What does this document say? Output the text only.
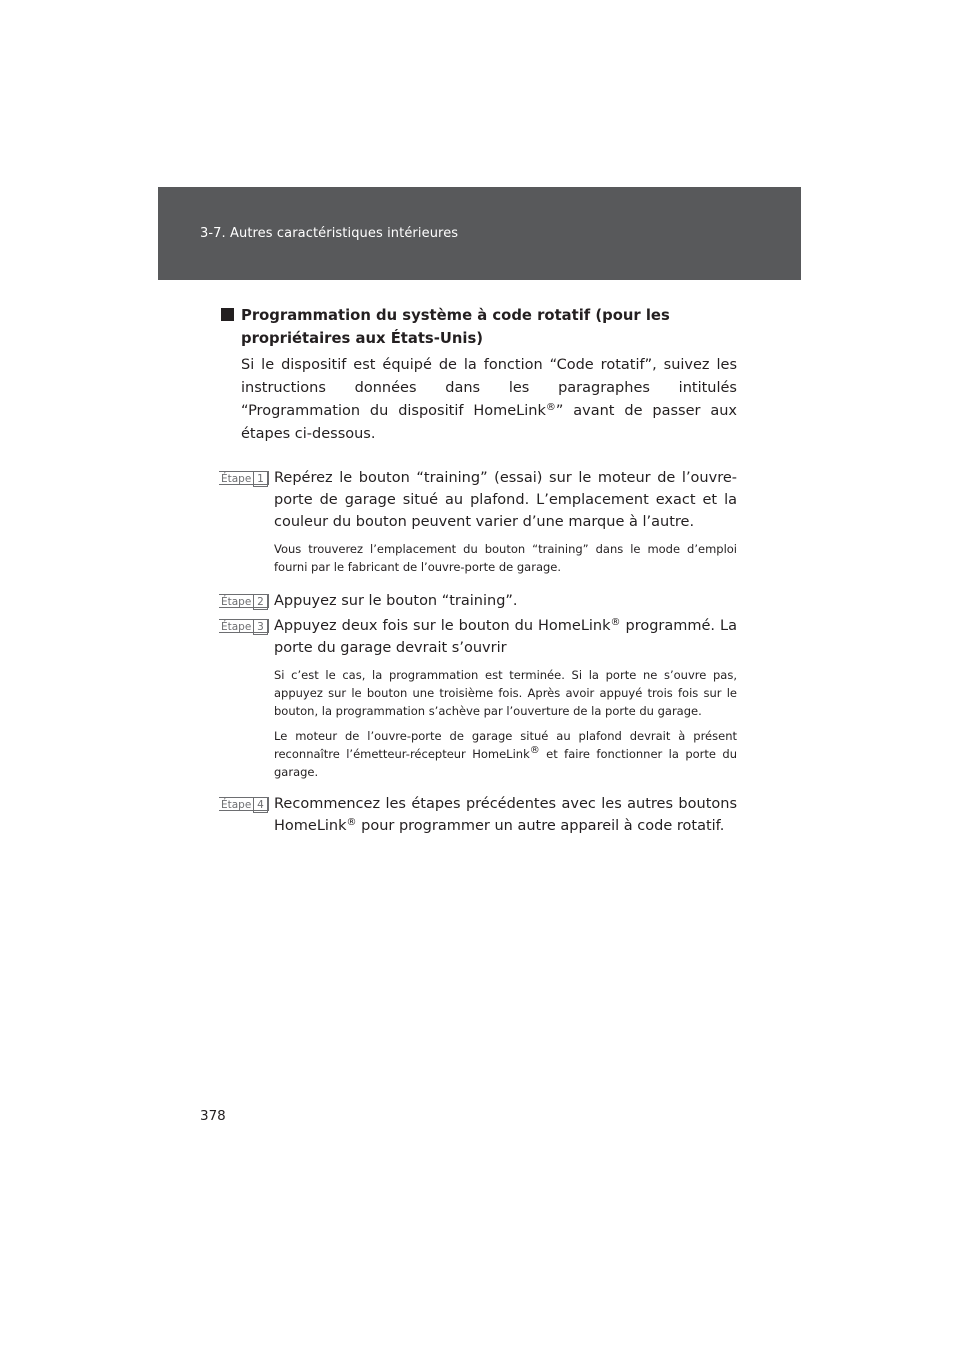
3-7. Autres caractéristiques intérieures
Programmation du système à code rotatif (pour les propriétaires aux États-Unis)
Si le dispositif est équipé de la fonction “Code rotatif”, suivez les instructions données dans les paragraphes intitulés “Programmation du dispositif HomeLink®” avant de passer aux étapes ci-dessous.
Étape 1 Repérez le bouton “training” (essai) sur le moteur de l’ouvre-porte de garage situé au plafond. L’emplacement exact et la couleur du bouton peuvent varier d’une marque à l’autre.
Vous trouverez l’emplacement du bouton “training” dans le mode d’emploi fourni par le fabricant de l’ouvre-porte de garage.
Étape 2 Appuyez sur le bouton “training”.
Étape 3 Appuyez deux fois sur le bouton du HomeLink® programmé. La porte du garage devrait s’ouvrir
Si c’est le cas, la programmation est terminée. Si la porte ne s’ouvre pas, appuyez sur le bouton une troisième fois. Après avoir appuyé trois fois sur le bouton, la programmation s’achève par l’ouverture de la porte du garage.
Le moteur de l’ouvre-porte de garage situé au plafond devrait à présent reconnaître l’émetteur-récepteur HomeLink® et faire fonctionner la porte du garage.
Étape 4 Recommencez les étapes précédentes avec les autres boutons HomeLink® pour programmer un autre appareil à code rotatif.
378
